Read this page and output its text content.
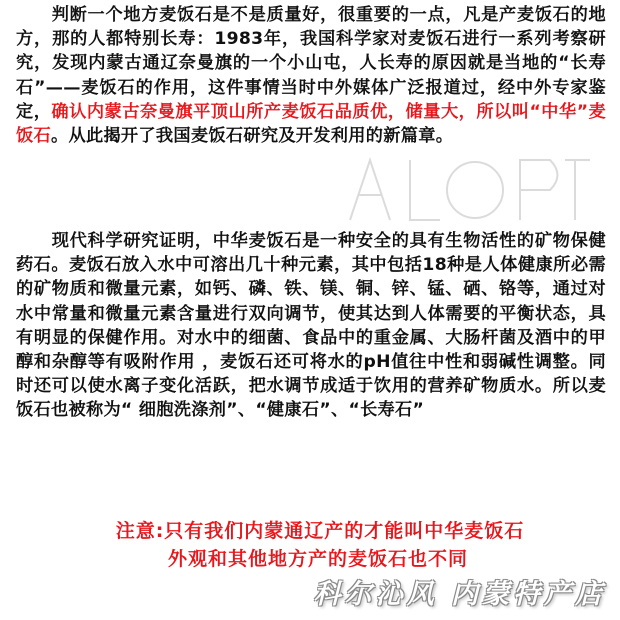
　　判断一个地方麦饭石是不是质量好，很重要的一点，凡是产麦饭石的地方，那的人都特别长寿：1983年，我国科学家对麦饭石进行一系列考察研究，发现内蒙古通辽奈曼旗的一个小山屯，人长寿的原因就是当地的“长寿石”——麦饭石的作用，这件事情当时中外媒体广泛报道过，经中外专家鉴定，确认内蒙古奈曼旗平顶山所产麦饭石品质优，储量大，所以叫“中华”麦饭石。从此揭开了我国麦饭石研究及开发利用的新篇章。

　　现代科学研究证明，中华麦饭石是一种安全的具有生物活性的矿物保健药石。麦饭石放入水中可溶出几十种元素，其中包括18种是人体健康所必需的矿物质和微量元素，如钙、磷、铁、镁、铜、锌、锰、硒、铬等，通过对水中常量和微量元素含量进行双向调节，使其达到人体需要的平衡状态，具有明显的保健作用。对水中的细菌、食品中的重金属、大肠杆菌及酒中的甲醇和杂醇等有吸附作用 ，麦饭石还可将水的pH值往中性和弱碱性调整。同时还可以使水离子变化活跃，把水调节成适于饮用的营养矿物质水。所以麦饭石也被称为“ 细胞洗涤剂”、“健康石”、“长寿石”

注意:只有我们内蒙通辽产的才能叫中华麦饭石
外观和其他地方产的麦饭石也不同
科尔沁风 内蒙特产店
